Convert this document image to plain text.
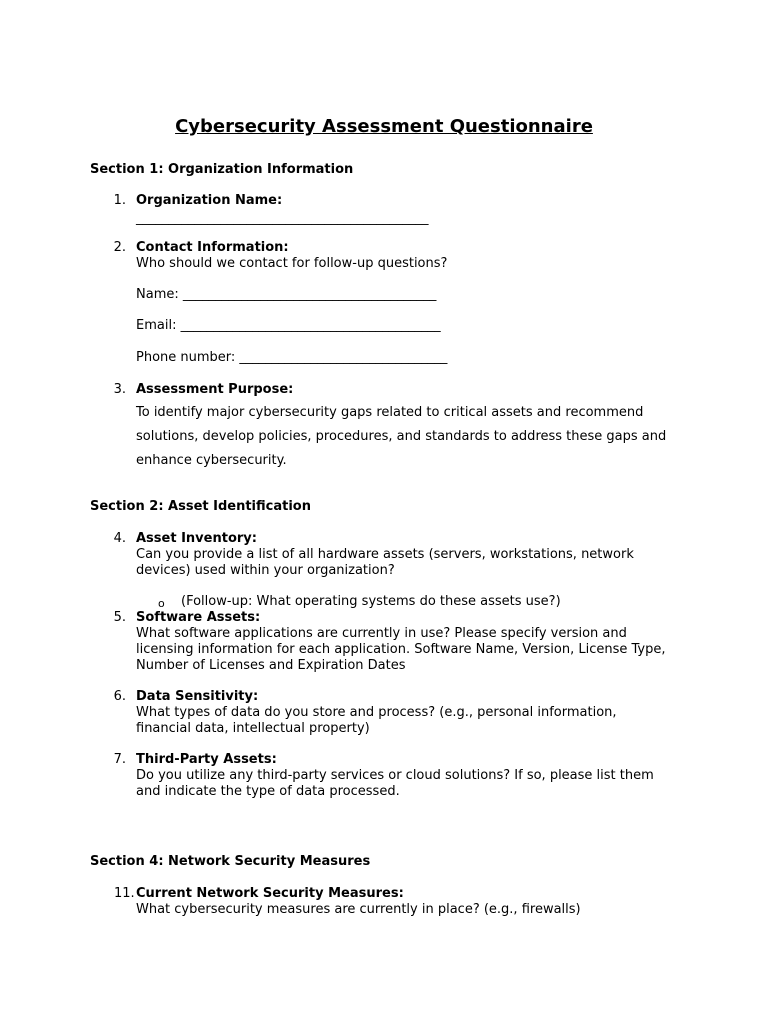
Cybersecurity Assessment Questionnaire
Section 1: Organization Information
1. Organization Name:
_____________________________________________
2. Contact Information:
Who should we contact for follow-up questions?
Name: _______________________________________
Email: ________________________________________
Phone number: ________________________________
3. Assessment Purpose:
To identify major cybersecurity gaps related to critical assets and recommend
solutions, develop policies, procedures, and standards to address these gaps and
enhance cybersecurity.
Section 2: Asset Identification
4. Asset Inventory:
Can you provide a list of all hardware assets (servers, workstations, network
devices) used within your organization?
o (Follow-up: What operating systems do these assets use?)
5. Software Assets:
What software applications are currently in use? Please specify version and
licensing information for each application. Software Name, Version, License Type,
Number of Licenses and Expiration Dates
6. Data Sensitivity:
What types of data do you store and process? (e.g., personal information,
financial data, intellectual property)
7. Third-Party Assets:
Do you utilize any third-party services or cloud solutions? If so, please list them
and indicate the type of data processed.
Section 4: Network Security Measures
11. Current Network Security Measures:
What cybersecurity measures are currently in place? (e.g., firewalls)
